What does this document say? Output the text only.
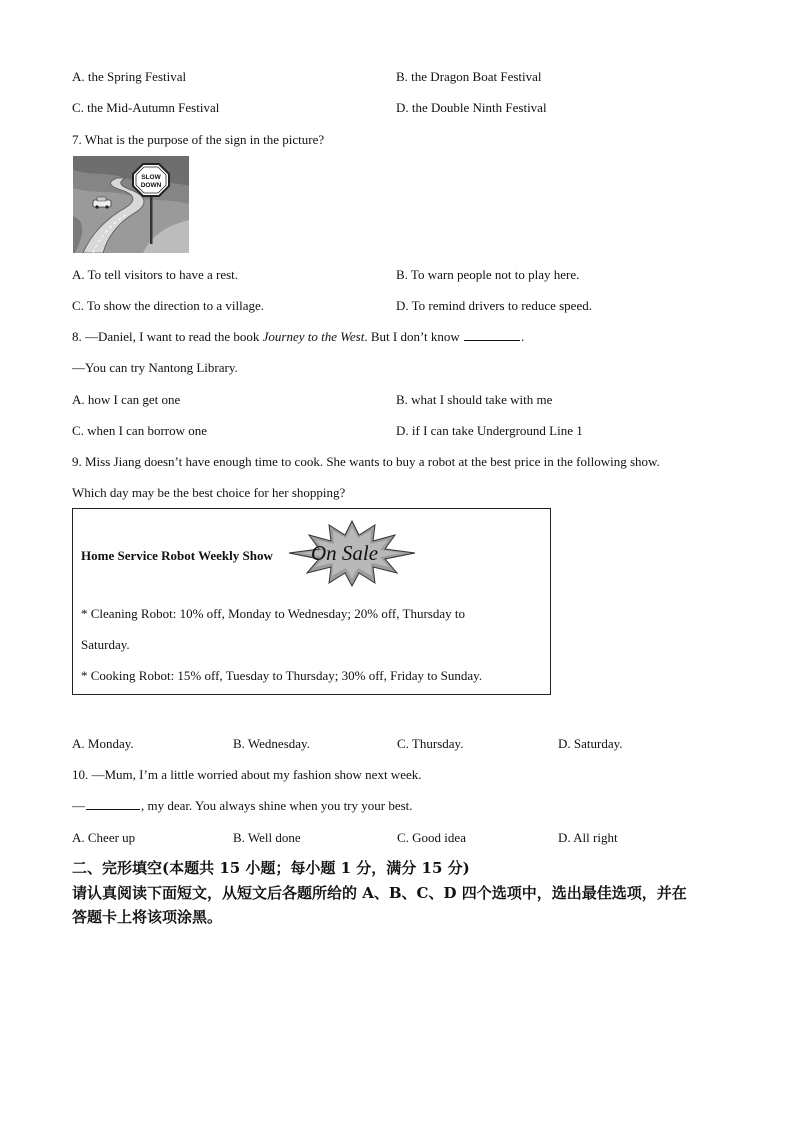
A. the Spring Festival	B. the Dragon Boat Festival
C. the Mid-Autumn Festival	D. the Double Ninth Festival
7. What is the purpose of the sign in the picture?
SLOW
DOWN
A. To tell visitors to have a rest.	B. To warn people not to play here.
C. To show the direction to a village.	D. To remind drivers to reduce speed.
8. —Daniel, I want to read the book Journey to the West. But I don’t know	.
—You can try Nantong Library.
A. how I can get one	B. what I should take with me
C. when I can borrow one	D. if I can take Underground Line 1
9. Miss Jiang doesn’t have enough time to cook. She wants to buy a robot at the best price in the following show.
Which day may be the best choice for her shopping?
Home Service Robot Weekly Show On Sale
* Cleaning Robot: 10% off, Monday to Wednesday; 20% off, Thursday to
Saturday.
* Cooking Robot: 15% off, Tuesday to Thursday; 30% off, Friday to Sunday.
A. Monday.	B. Wednesday.	C. Thursday.	D. Saturday.
10. —Mum, I’m a little worried about my fashion show next week.
—	, my dear. You always shine when you try your best.
A. Cheer up	B. Well done	C. Good idea	D. All right
二、完形填空(本题共 15 小题；每小题 1 分，满分 15 分)
请认真阅读下面短文，从短文后各题所给的 A、B、C、D 四个选项中，选出最佳选项，并在
答题卡上将该项涂黑。
